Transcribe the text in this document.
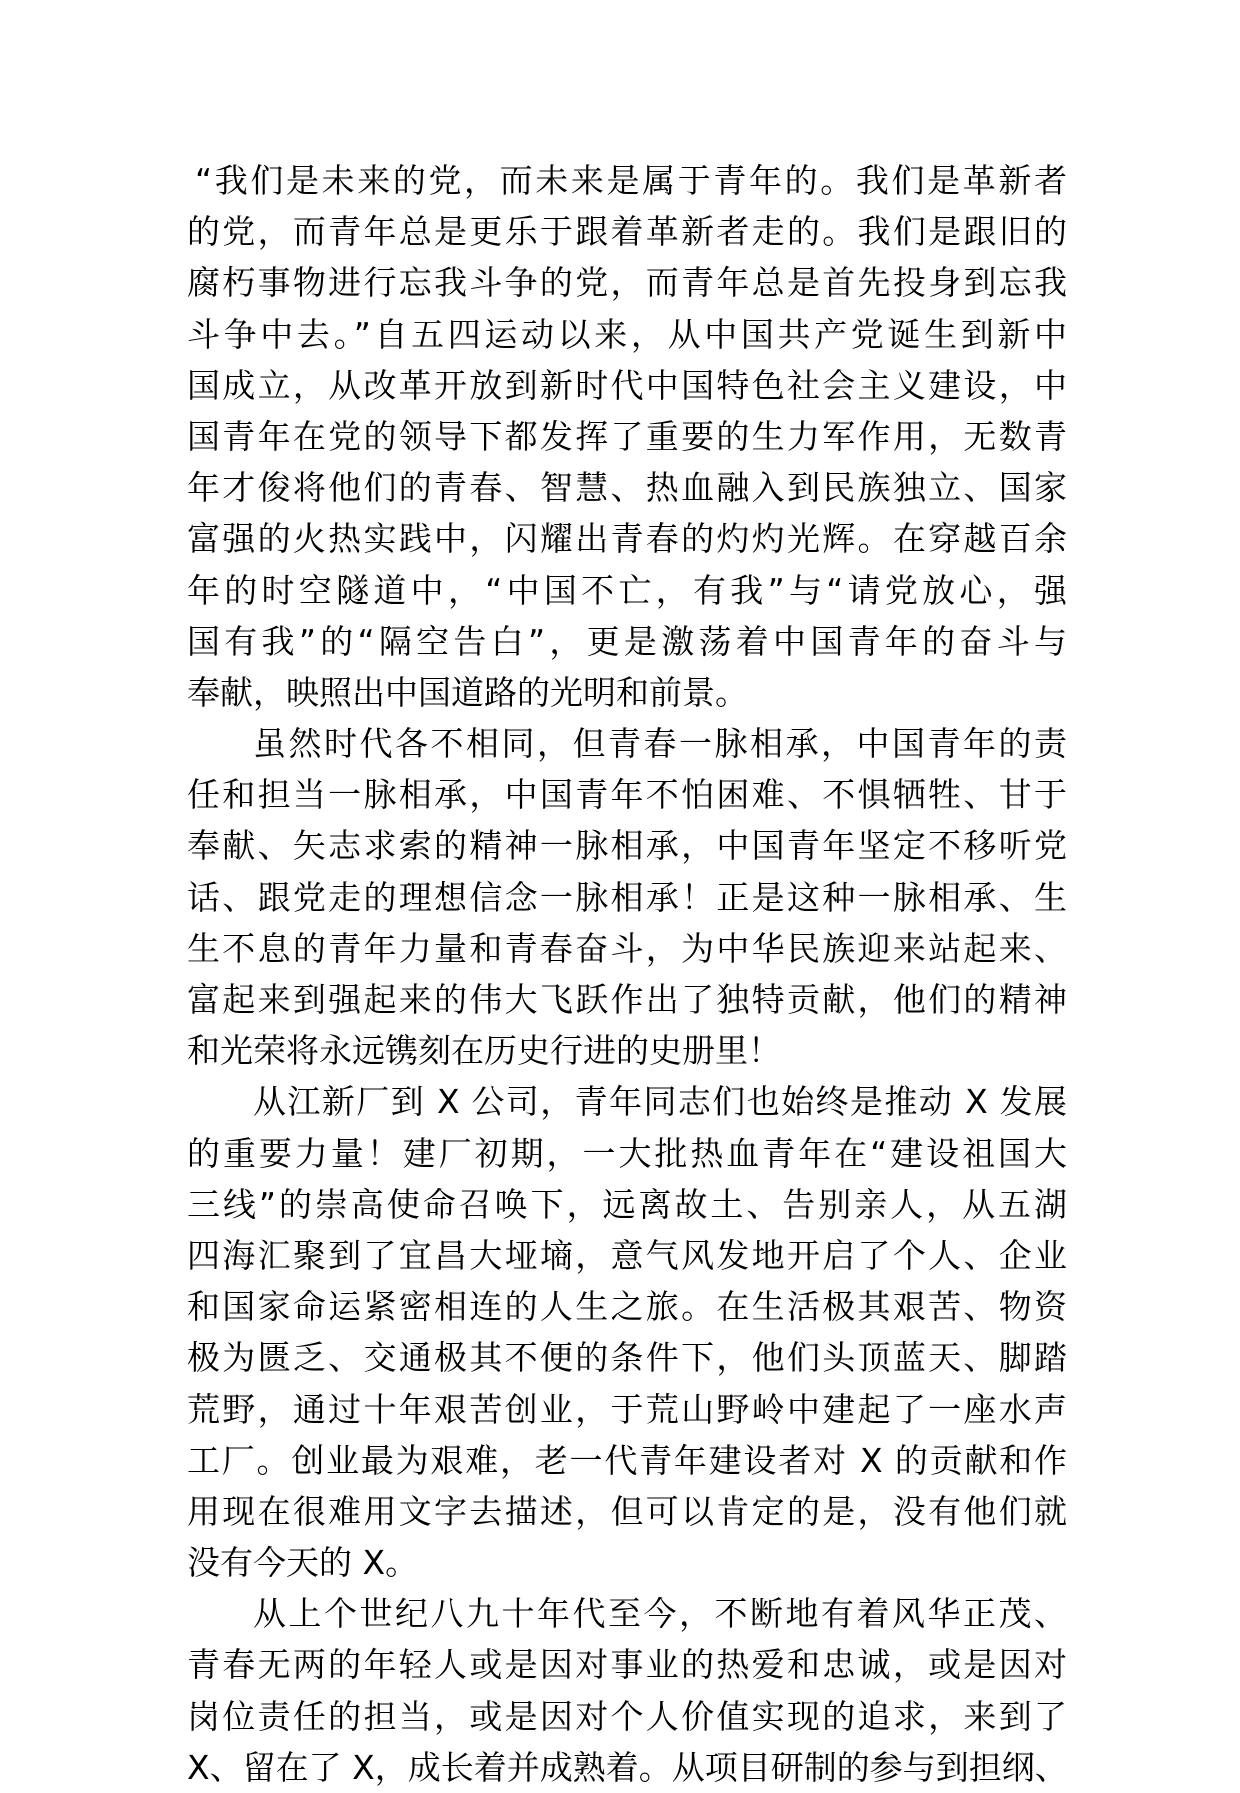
“我们是未来的党，而未来是属于青年的。我们是革新者
的党，而青年总是更乐于跟着革新者走的。我们是跟旧的
腐朽事物进行忘我斗争的党，而青年总是首先投身到忘我
斗争中去。”自五四运动以来，从中国共产党诞生到新中
国成立，从改革开放到新时代中国特色社会主义建设，中
国青年在党的领导下都发挥了重要的生力军作用，无数青
年才俊将他们的青春、智慧、热血融入到民族独立、国家
富强的火热实践中，闪耀出青春的灼灼光辉。在穿越百余
年的时空隧道中，“中国不亡，有我”与“请党放心，强
国有我”的“隔空告白”，更是激荡着中国青年的奋斗与
奉献，映照出中国道路的光明和前景。
虽然时代各不相同，但青春一脉相承，中国青年的责
任和担当一脉相承，中国青年不怕困难、不惧牺牲、甘于
奉献、矢志求索的精神一脉相承，中国青年坚定不移听党
话、跟党走的理想信念一脉相承！正是这种一脉相承、生
生不息的青年力量和青春奋斗，为中华民族迎来站起来、
富起来到强起来的伟大飞跃作出了独特贡献，他们的精神
和光荣将永远镌刻在历史行进的史册里！
从江新厂到 X 公司，青年同志们也始终是推动 X 发展
的重要力量！建厂初期，一大批热血青年在“建设祖国大
三线”的崇高使命召唤下，远离故土、告别亲人，从五湖
四海汇聚到了宜昌大垭墒，意气风发地开启了个人、企业
和国家命运紧密相连的人生之旅。在生活极其艰苦、物资
极为匮乏、交通极其不便的条件下，他们头顶蓝天、脚踏
荒野，通过十年艰苦创业，于荒山野岭中建起了一座水声
工厂。创业最为艰难，老一代青年建设者对 X 的贡献和作
用现在很难用文字去描述，但可以肯定的是，没有他们就
没有今天的 X。
从上个世纪八九十年代至今，不断地有着风华正茂、
青春无两的年轻人或是因对事业的热爱和忠诚，或是因对
岗位责任的担当，或是因对个人价值实现的追求，来到了
X、留在了 X，成长着并成熟着。从项目研制的参与到担纲、
